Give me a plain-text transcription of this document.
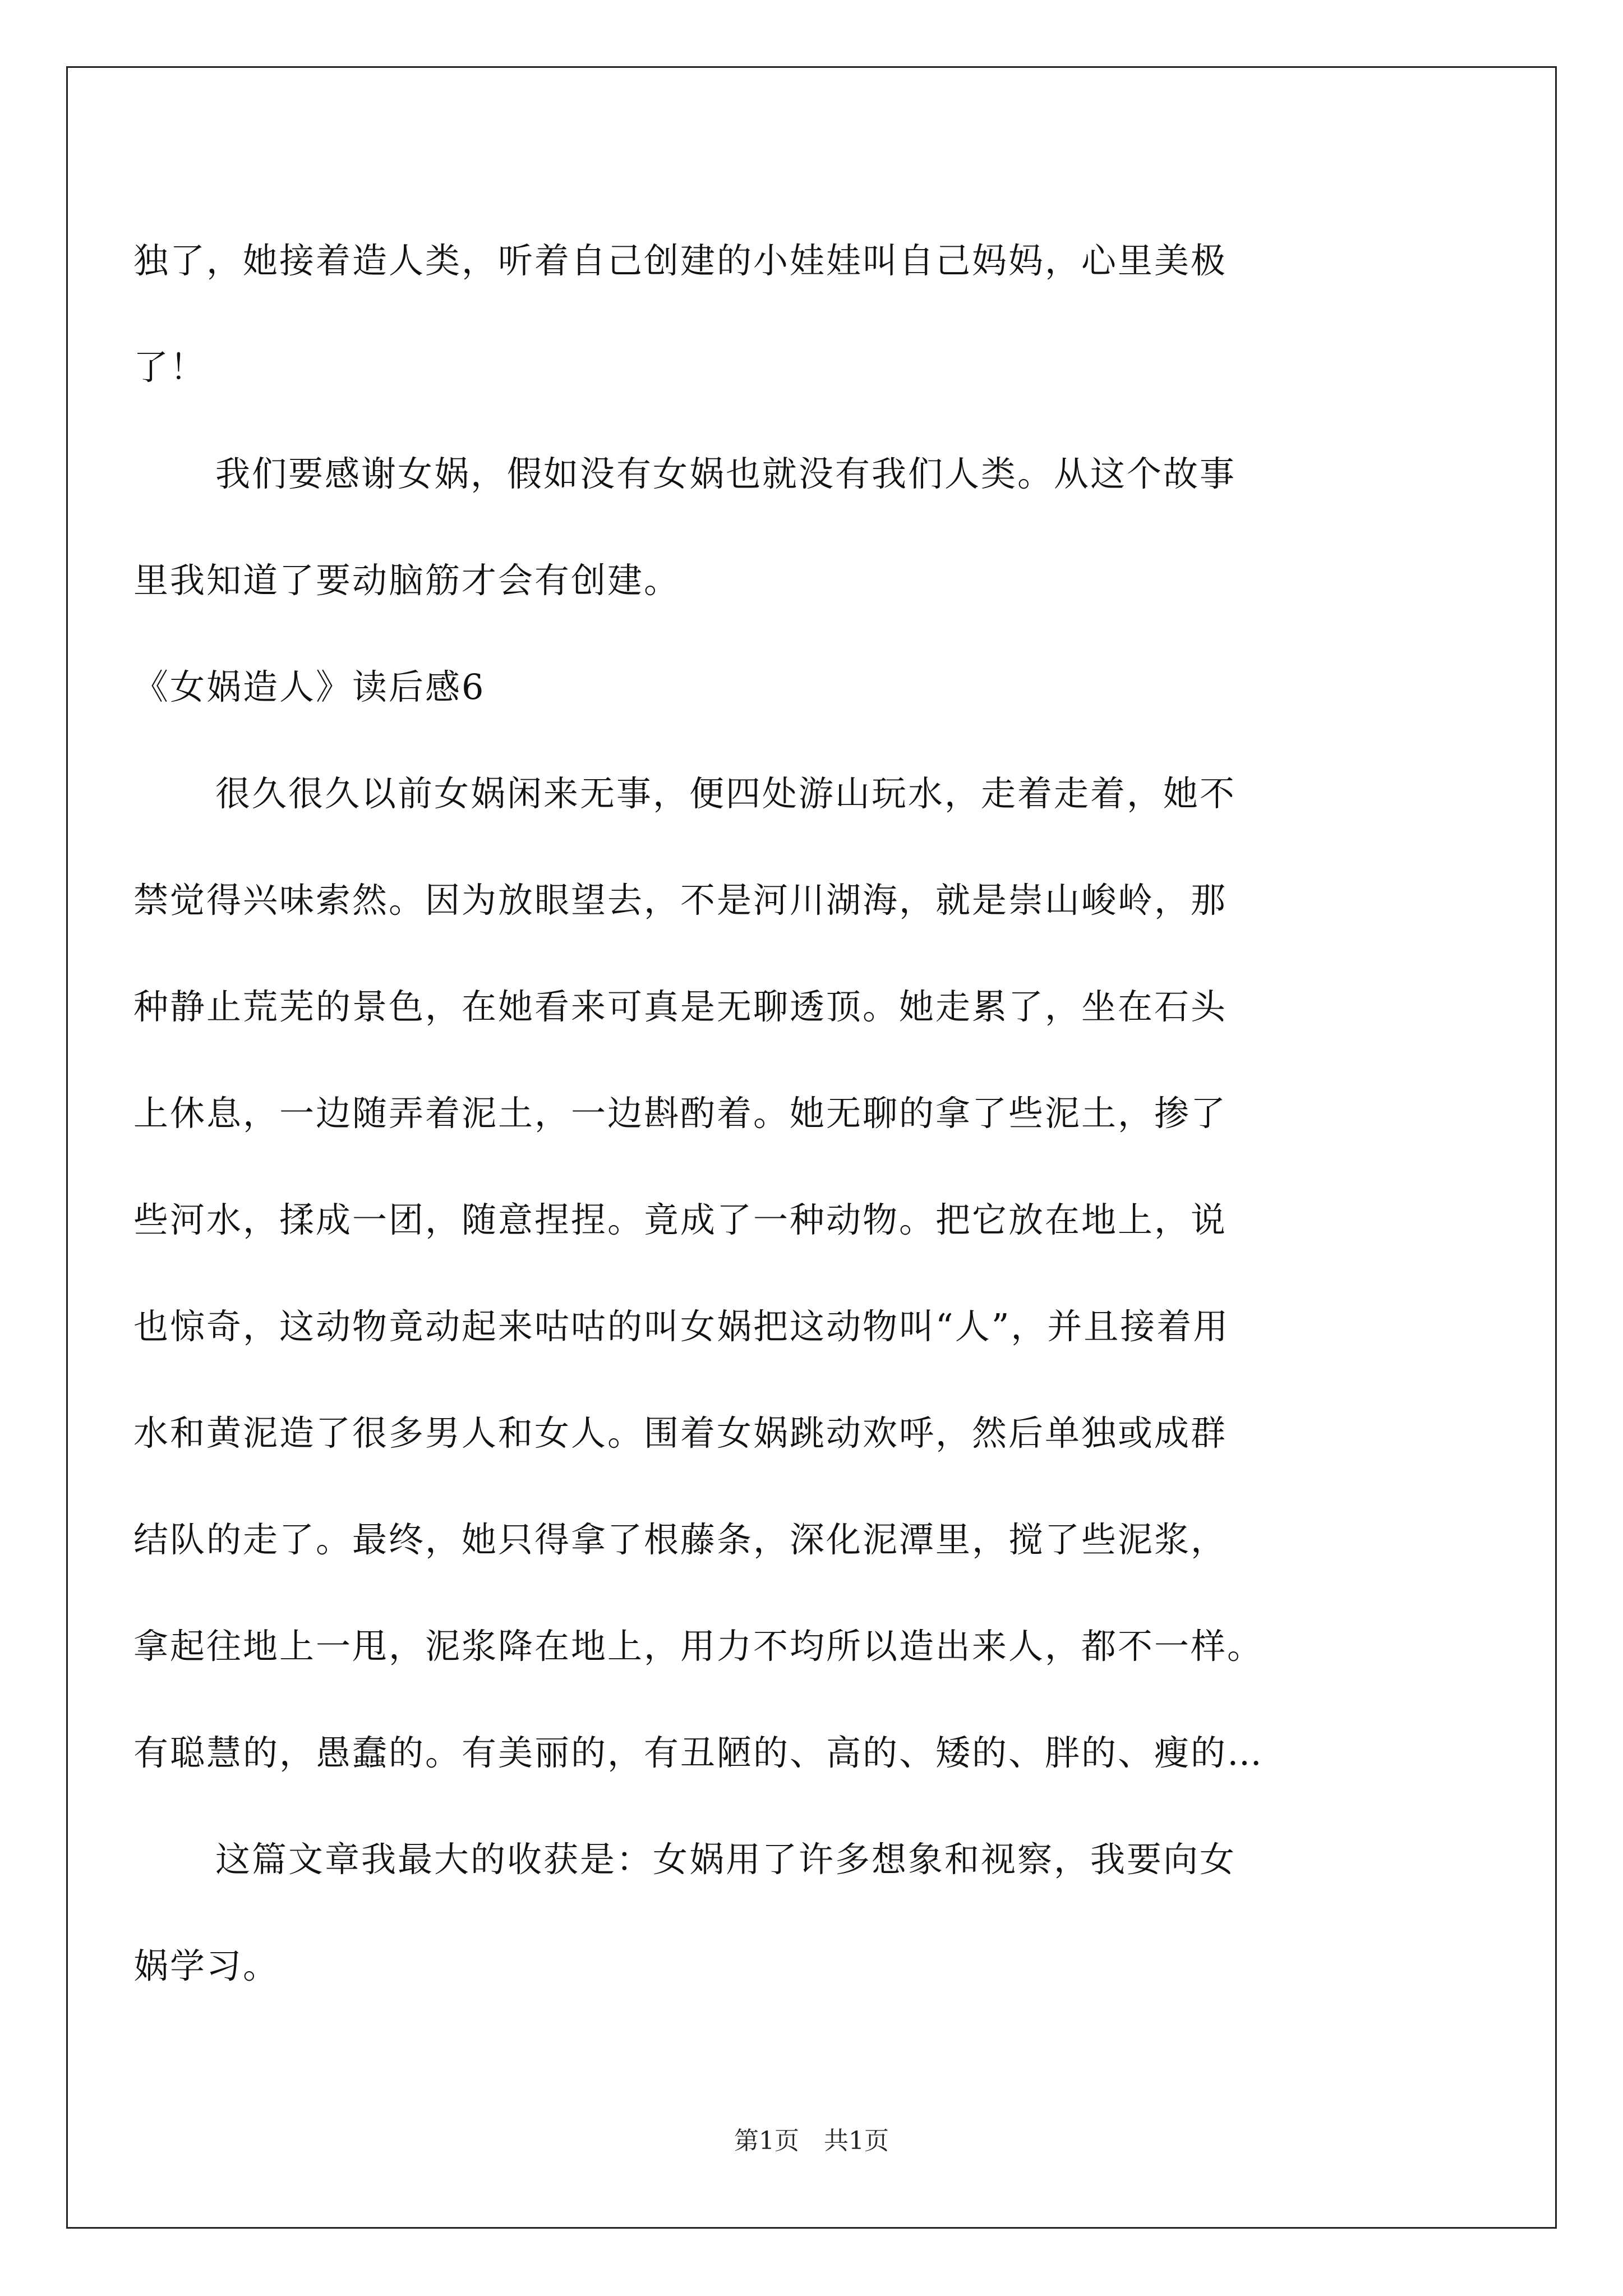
独了，她接着造人类，听着自己创建的小娃娃叫自己妈妈，心里美极
了！
我们要感谢女娲，假如没有女娲也就没有我们人类。从这个故事
里我知道了要动脑筋才会有创建。
《女娲造人》读后感6
很久很久以前女娲闲来无事，便四处游山玩水，走着走着，她不
禁觉得兴味索然。因为放眼望去，不是河川湖海，就是崇山峻岭，那
种静止荒芜的景色，在她看来可真是无聊透顶。她走累了，坐在石头
上休息，一边随弄着泥土，一边斟酌着。她无聊的拿了些泥土，掺了
些河水，揉成一团，随意捏捏。竟成了一种动物。把它放在地上，说
也惊奇，这动物竟动起来咕咕的叫女娲把这动物叫“人”，并且接着用
水和黄泥造了很多男人和女人。围着女娲跳动欢呼，然后单独或成群
结队的走了。最终，她只得拿了根藤条，深化泥潭里，搅了些泥浆，
拿起往地上一甩，泥浆降在地上，用力不均所以造出来人，都不一样。
有聪慧的，愚蠢的。有美丽的，有丑陋的、高的、矮的、胖的、瘦的…
这篇文章我最大的收获是：女娲用了许多想象和视察，我要向女
娲学习。
第1页　共1页
